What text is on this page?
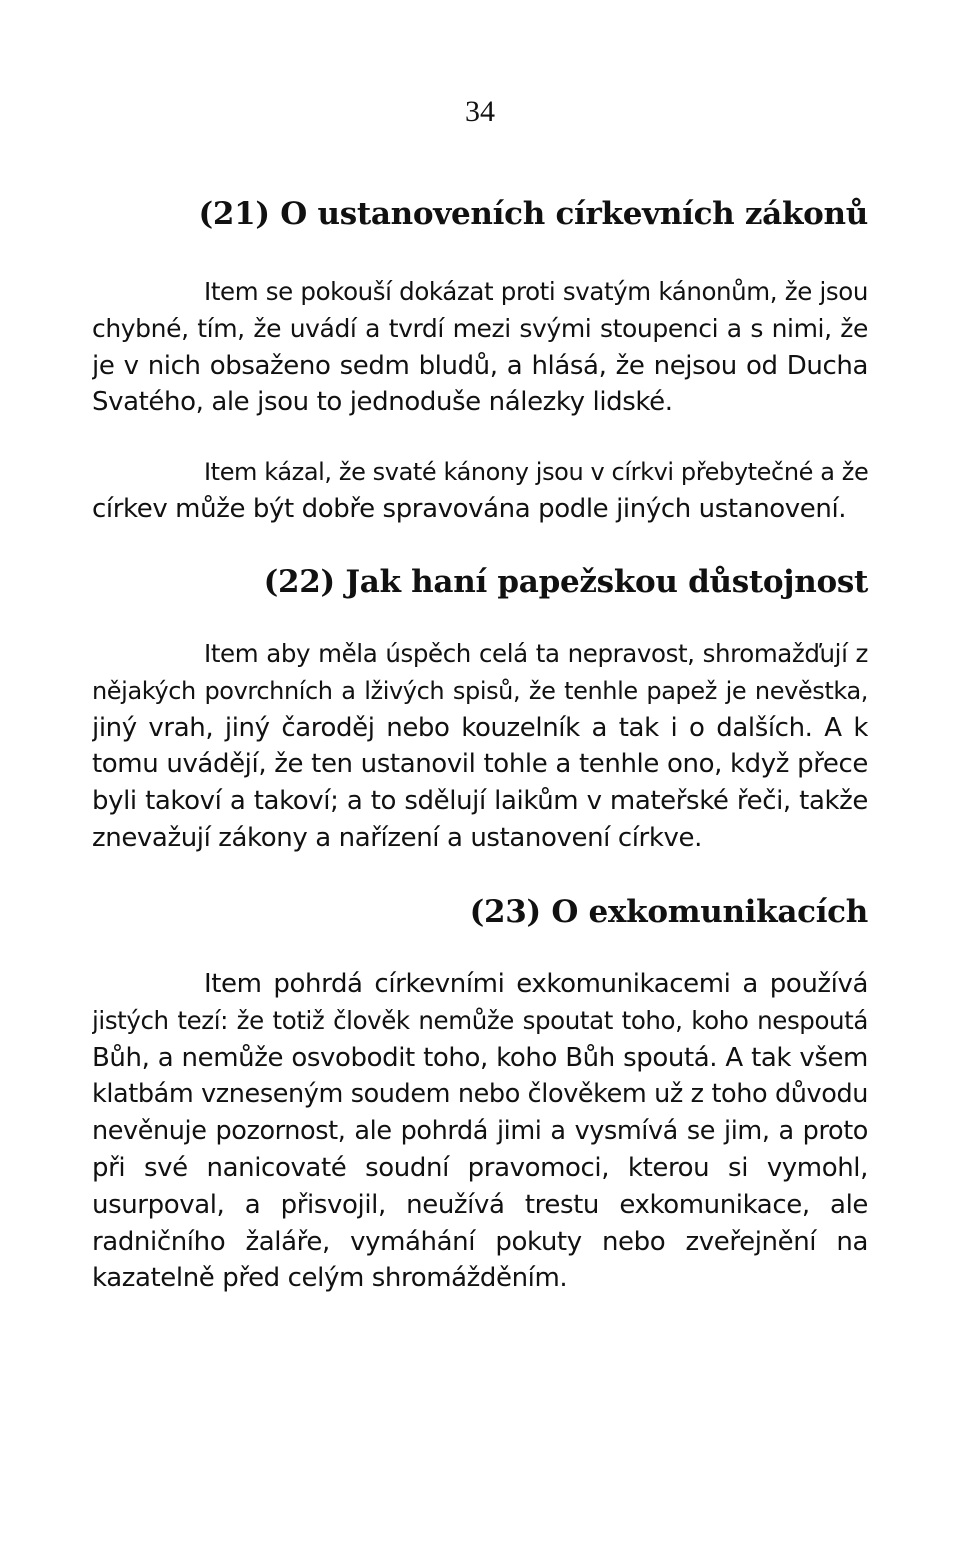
34
(21) O ustanoveních církevních zákonů

Item se pokouší dokázat proti svatým kánonům, že jsou
chybné, tím, že uvádí a tvrdí mezi svými stoupenci a s nimi, že
je v nich obsaženo sedm bludů, a hlásá, že nejsou od Ducha
Svatého, ale jsou to jednoduše nálezky lidské.

Item kázal, že svaté kánony jsou v církvi přebytečné a že
církev může být dobře spravována podle jiných ustanovení.

(22) Jak haní papežskou důstojnost

Item aby měla úspěch celá ta nepravost, shromažďují z
nějakých povrchních a lživých spisů, že tenhle papež je nevěstka,
jiný vrah, jiný čaroděj nebo kouzelník a tak i o dalších. A k
tomu uvádějí, že ten ustanovil tohle a tenhle ono, když přece
byli takoví a takoví; a to sdělují laikům v mateřské řeči, takže
znevažují zákony a nařízení a ustanovení církve.

(23) O exkomunikacích

Item pohrdá církevními exkomunikacemi a používá
jistých tezí: že totiž člověk nemůže spoutat toho, koho nespoutá
Bůh, a nemůže osvobodit toho, koho Bůh spoutá. A tak všem
klatbám vzneseným soudem nebo člověkem už z toho důvodu
nevěnuje pozornost, ale pohrdá jimi a vysmívá se jim, a proto
při své nanicovaté soudní pravomoci, kterou si vymohl,
usurpoval, a přisvojil, neužívá trestu exkomunikace, ale
radničního žaláře, vymáhání pokuty nebo zveřejnění na
kazatelně před celým shromážděním.
